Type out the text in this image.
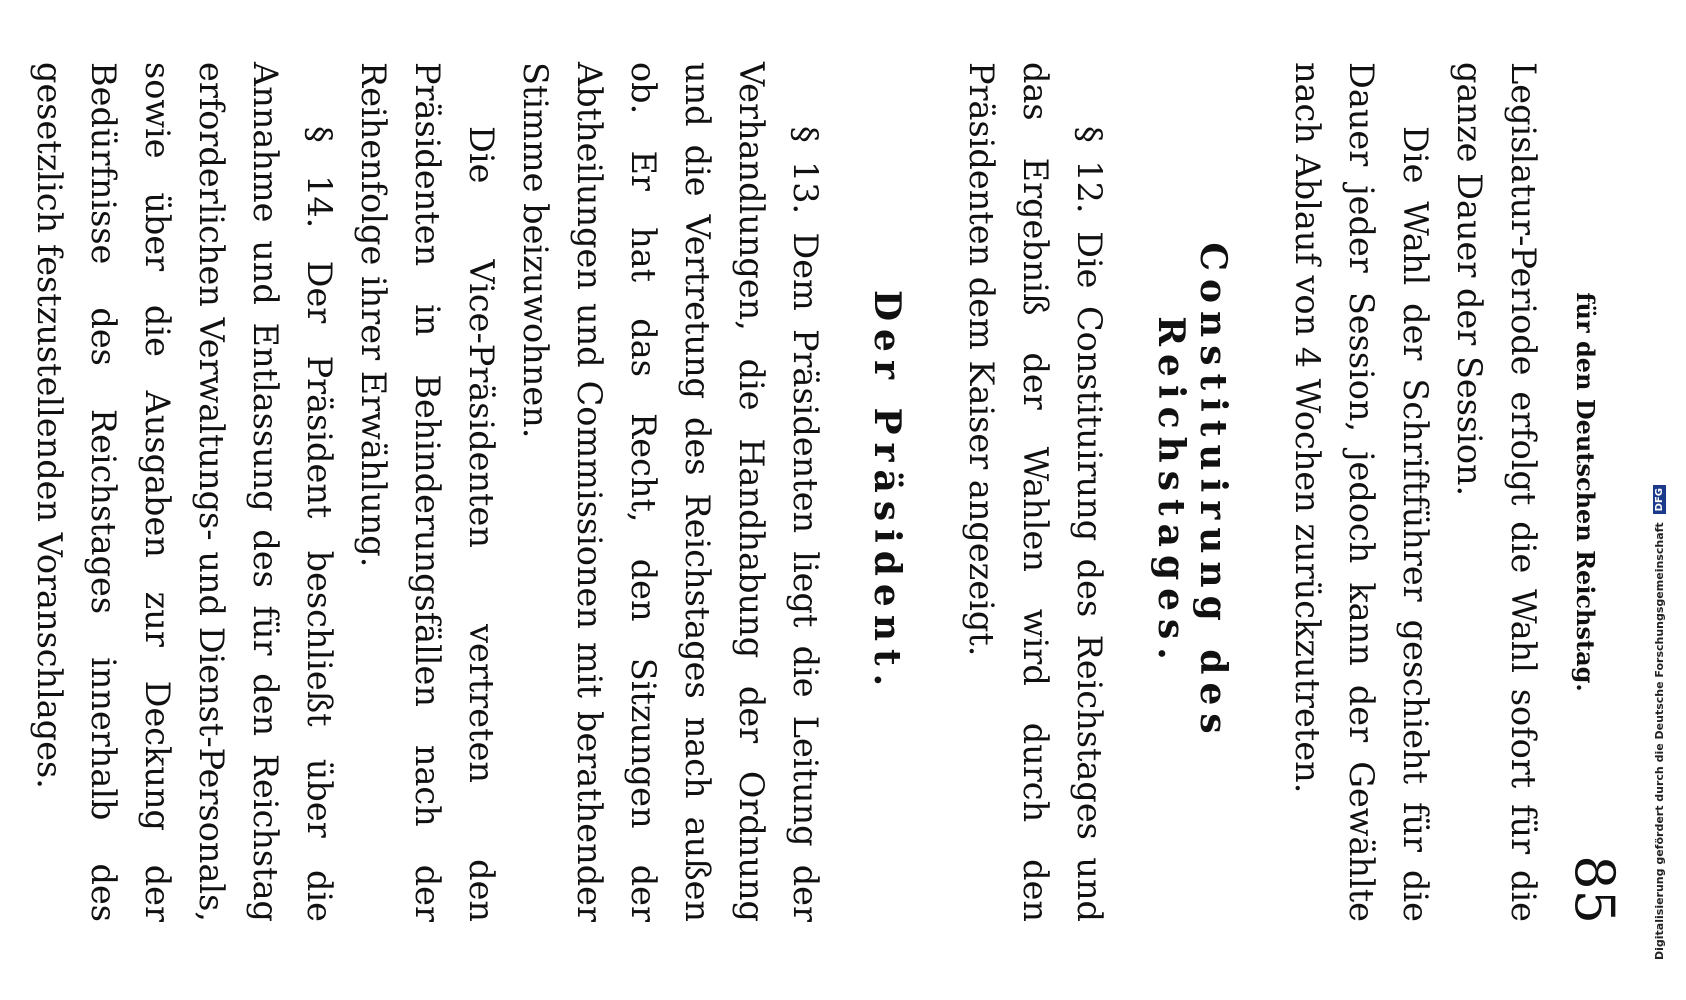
für den Deutschen Reichstag.
85

Legislatur-Periode erfolgt die Wahl sofort für die ganze Dauer der Session.

Die Wahl der Schriftführer geschieht für die Dauer jeder Session, jedoch kann der Gewählte nach Ablauf von 4 Wochen zurückzutreten.

Constituirung des Reichstages.

§ 12. Die Constituirung des Reichstages und das Ergebniß der Wahlen wird durch den Präsidenten dem Kaiser angezeigt.

Der Präsident.

§ 13. Dem Präsidenten liegt die Leitung der Verhandlungen, die Handhabung der Ordnung und die Vertretung des Reichstages nach außen ob. Er hat das Recht, den Sitzungen der Abtheilungen und Commissionen mit berathender Stimme beizuwohnen.

Die Vice-Präsidenten vertreten den Präsidenten in Behinderungsfällen nach der Reihenfolge ihrer Erwählung.

§ 14. Der Präsident beschließt über die Annahme und Entlassung des für den Reichstag erforderlichen Verwaltungs- und Dienst-Personals, sowie über die Ausgaben zur Deckung der Bedürfnisse des Reichstages innerhalb des gesetzlich festzustellenden Voranschlages.	Digitalisierung gefördert durch die Deutsche Forschungsgemeinschaft
DFG
